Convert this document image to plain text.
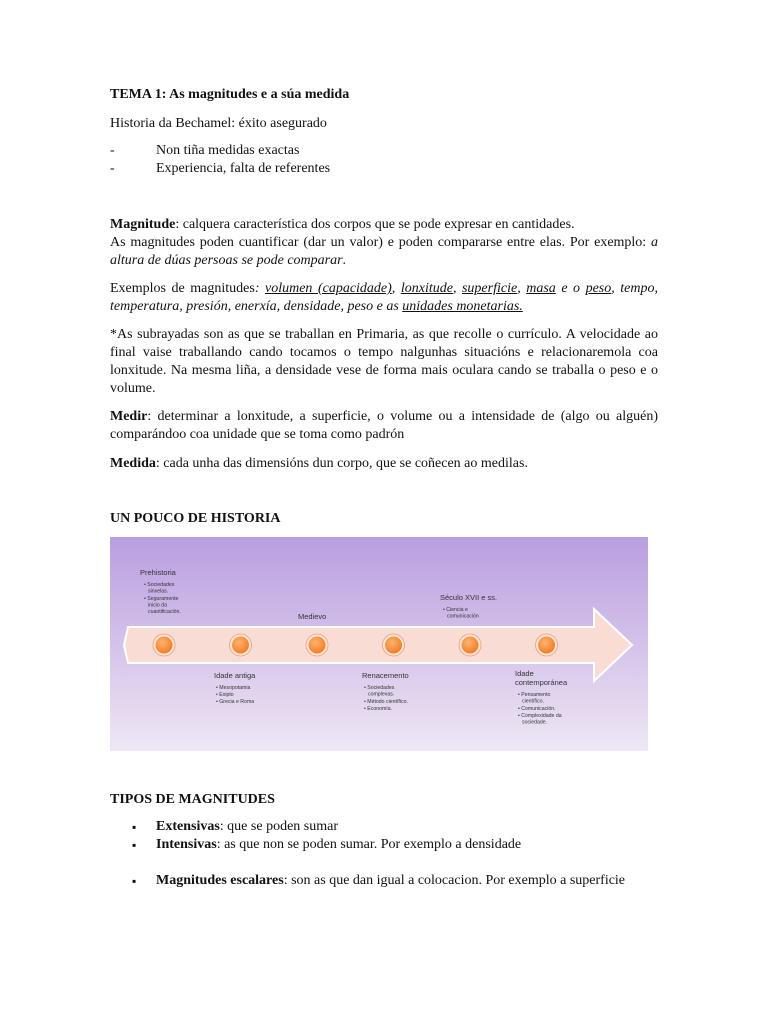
TEMA 1: As magnitudes e a súa medida
Historia da Bechamel: éxito asegurado
- Non tiña medidas exactas
- Experiencia, falta de referentes
Magnitude: calquera característica dos corpos que se pode expresar en cantidades.
As magnitudes poden cuantificar (dar un valor) e poden compararse entre elas. Por exemplo: a altura de dúas persoas se pode comparar.
Exemplos de magnitudes: volumen (capacidade), lonxitude, superficie, masa e o peso, tempo, temperatura, presión, enerxía, densidade, peso e as unidades monetarias.
*As subrayadas son as que se traballan en Primaria, as que recolle o currículo. A velocidade ao final vaise traballando cando tocamos o tempo nalgunhas situacións e relacionaremola coa lonxitude. Na mesma liña, a densidade vese de forma mais ocularа cando se traballa o peso e o volume.
Medir: determinar a lonxitude, a superficie, o volume ou a intensidade de (algo ou alguén) comparándoo coa unidade que se toma como padrón
Medida: cada unha das dimensións dun corpo, que se coñecen ao medilas.
UN POUCO DE HISTORIA
Prehistoria
• Sociedades
sinxelas.
• Seguramente
inicio da
cuantificación.	Medievo
Século XVII e ss.
• Ciencia e
comunicación
Idade antiga
• Mesopotamia
• Exipto
• Grecia e Roma
Renacemento
• Sociedades
complexas.
• Método científico.
• Economía.
Idade
contemporánea
• Pensamento
científico.
• Comunicación.
• Complexidade da
sociedade.
TIPOS DE MAGNITUDES
▪ Extensivas: que se poden sumar
▪ Intensivas: as que non se poden sumar. Por exemplo a densidade
▪ Magnitudes escalares: son as que dan igual a colocacion. Por exemplo a superficie
